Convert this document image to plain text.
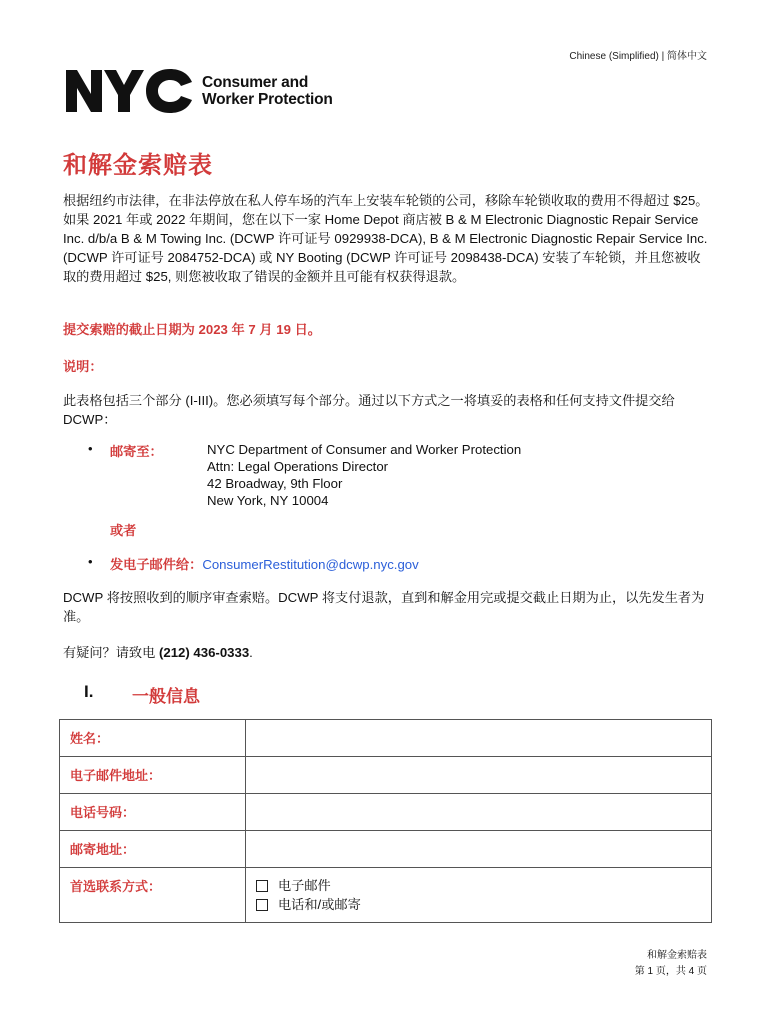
Chinese (Simplified) | 简体中文
Consumer and
Worker Protection
和解金索赔表
根据纽约市法律，在非法停放在私人停车场的汽车上安装车轮锁的公司，移除车轮锁收取的费用不得超过 $25。如果 2021 年或 2022 年期间，您在以下一家 Home Depot 商店被 B & M Electronic Diagnostic Repair Service Inc. d/b/a B & M Towing Inc. (DCWP 许可证号 0929938-DCA), B & M Electronic Diagnostic Repair Service Inc. (DCWP 许可证号 2084752-DCA) 或 NY Booting (DCWP 许可证号 2098438-DCA) 安装了车轮锁，并且您被收取的费用超过 $25, 则您被收取了错误的金额并且可能有权获得退款。
提交索赔的截止日期为 2023 年 7 月 19 日。
说明：
此表格包括三个部分 (I-III)。您必须填写每个部分。通过以下方式之一将填妥的表格和任何支持文件提交给 DCWP：
• 邮寄至：	NYC Department of Consumer and Worker Protection
Attn: Legal Operations Director
42 Broadway, 9th Floor
New York, NY 10004
或者
• 发电子邮件给：ConsumerRestitution@dcwp.nyc.gov
DCWP 将按照收到的顺序审查索赔。DCWP 将支付退款，直到和解金用完或提交截止日期为止，以先发生者为准。
有疑问？请致电 (212) 436-0333.
I. 一般信息
姓名：	
电子邮件地址：	
电话号码：	
邮寄地址：	
首选联系方式：	电子邮件
电话和/或邮寄
和解金索赔表
第 1 页，共 4 页
